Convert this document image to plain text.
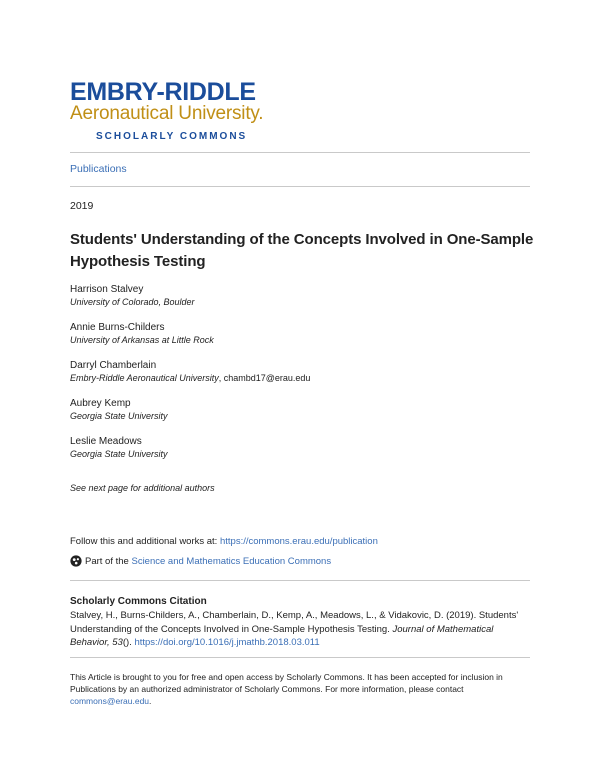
EMBRY-RIDDLE
Aeronautical University.
SCHOLARLY COMMONS
Publications
2019
Students' Understanding of the Concepts Involved in One-Sample Hypothesis Testing
Harrison Stalvey
University of Colorado, Boulder
Annie Burns-Childers
University of Arkansas at Little Rock
Darryl Chamberlain
Embry-Riddle Aeronautical University, chambd17@erau.edu
Aubrey Kemp
Georgia State University
Leslie Meadows
Georgia State University
See next page for additional authors
Follow this and additional works at: https://commons.erau.edu/publication
Part of the
Science and Mathematics Education Commons
Scholarly Commons Citation
Stalvey, H., Burns-Childers, A., Chamberlain, D., Kemp, A., Meadows, L., & Vidakovic, D. (2019). Students' Understanding of the Concepts Involved in One-Sample Hypothesis Testing. Journal of Mathematical Behavior, 53(). https://doi.org/10.1016/j.jmathb.2018.03.011
This Article is brought to you for free and open access by Scholarly Commons. It has been accepted for inclusion in Publications by an authorized administrator of Scholarly Commons. For more information, please contact commons@erau.edu.
